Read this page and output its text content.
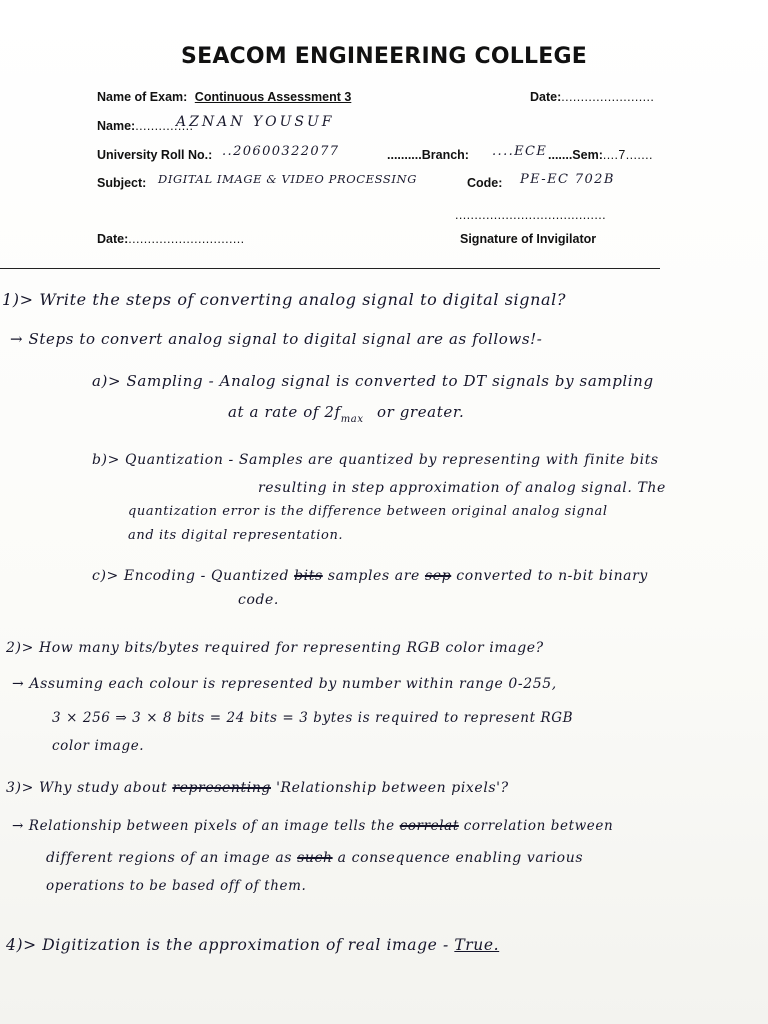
SEACOM ENGINEERING COLLEGE
Name of Exam: Continuous Assessment 3	Date:........................
Name:...............
AZNAN YOUSUF
University Roll No.: ..20600322077	..........Branch: ....ECE .......Sem:....7.......
Subject: DIGITAL IMAGE & VIDEO PROCESSING	Code: PE-EC 702B
.......................................
Date:..............................	Signature of Invigilator
1)> Write the steps of converting analog signal to digital signal?
→ Steps to convert analog signal to digital signal are as follows!-
a)> Sampling - Analog signal is converted to DT signals by sampling
at a rate of $2f_{max}$ or greater.
b)> Quantization - Samples are quantized by representing with finite bits
resulting in step approximation of analog signal. The
quantization error is the difference between original analog signal
and its digital representation.
c)> Encoding - Quantized bits samples are sep converted to n-bit binary
code.
2)> How many bits/bytes required for representing RGB color image?
→ Assuming each colour is represented by number within range 0-255,
3 × 256 ⇒ 3 × 8 bits = 24 bits = 3 bytes is required to represent RGB
color image.
3)> Why study about representing 'Relationship between pixels'?
→ Relationship between pixels of an image tells the correlat correlation between
different regions of an image as such a consequence enabling various
operations to be based off of them.
4)> Digitization is the approximation of real image - True.
